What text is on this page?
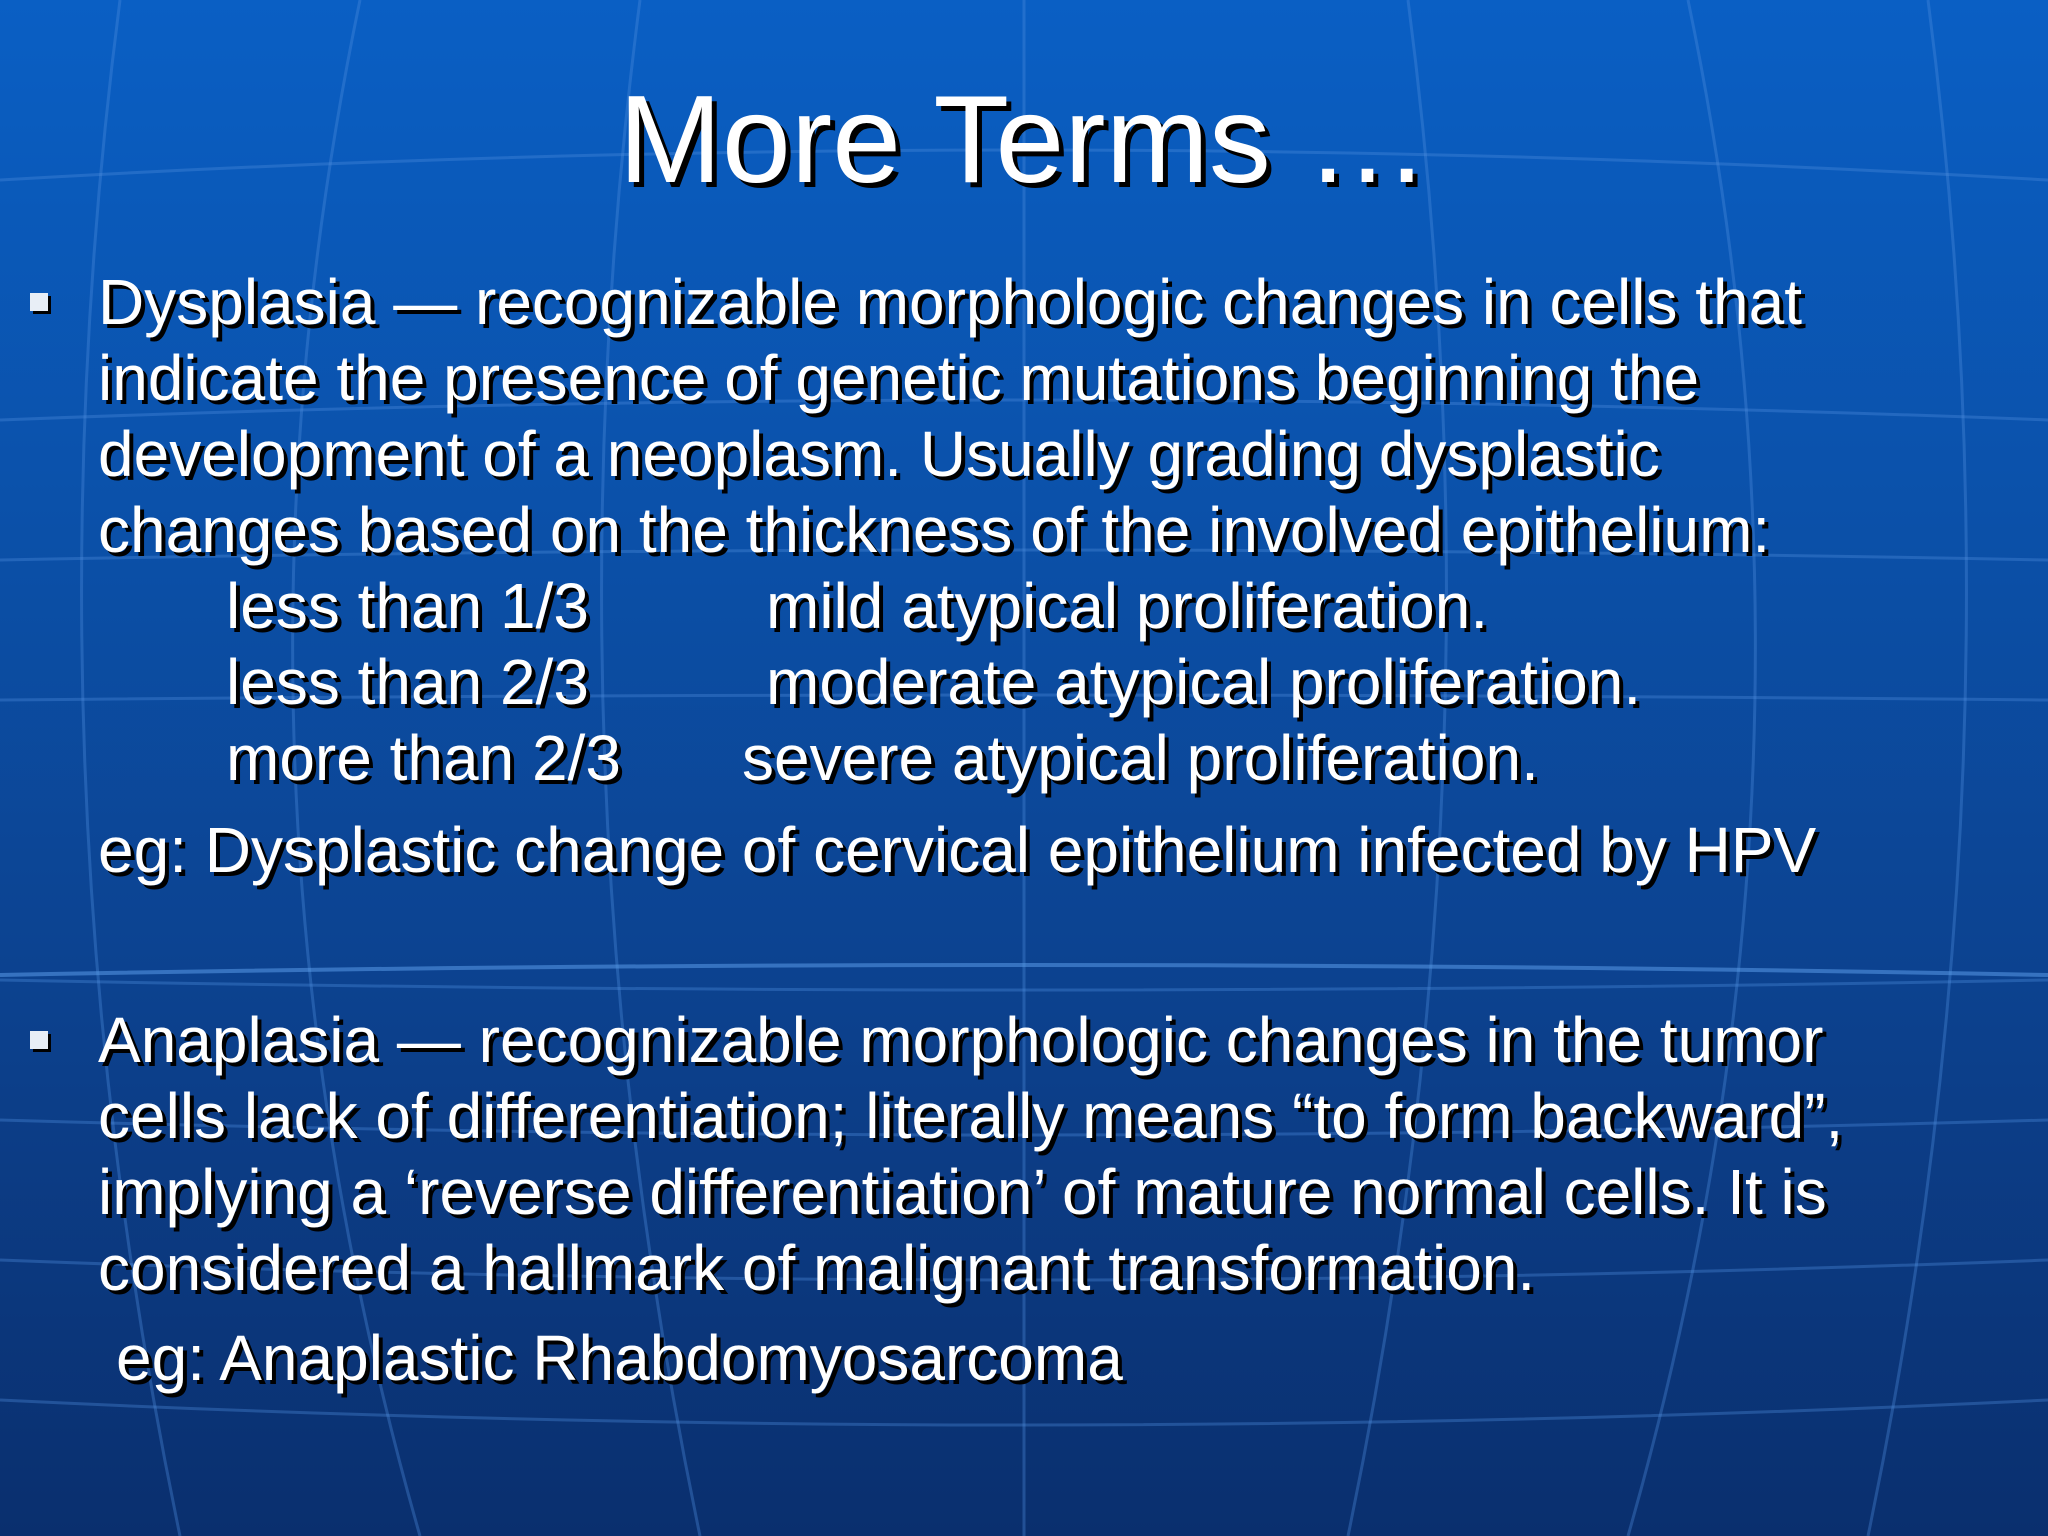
More Terms …
Dysplasia — recognizable morphologic changes in cells that
indicate the presence of genetic mutations beginning the
development of a neoplasm. Usually grading dysplastic
changes based on the thickness of the involved epithelium:
less than 1/3	mild atypical proliferation.
less than 2/3	moderate atypical proliferation.
more than 2/3 severe atypical proliferation.
eg: Dysplastic change of cervical epithelium infected by HPV
Anaplasia — recognizable morphologic changes in the tumor
cells lack of differentiation; literally means “to form backward”,
implying a ‘reverse differentiation’ of mature normal cells. It is
considered a hallmark of malignant transformation.
eg: Anaplastic Rhabdomyosarcoma
